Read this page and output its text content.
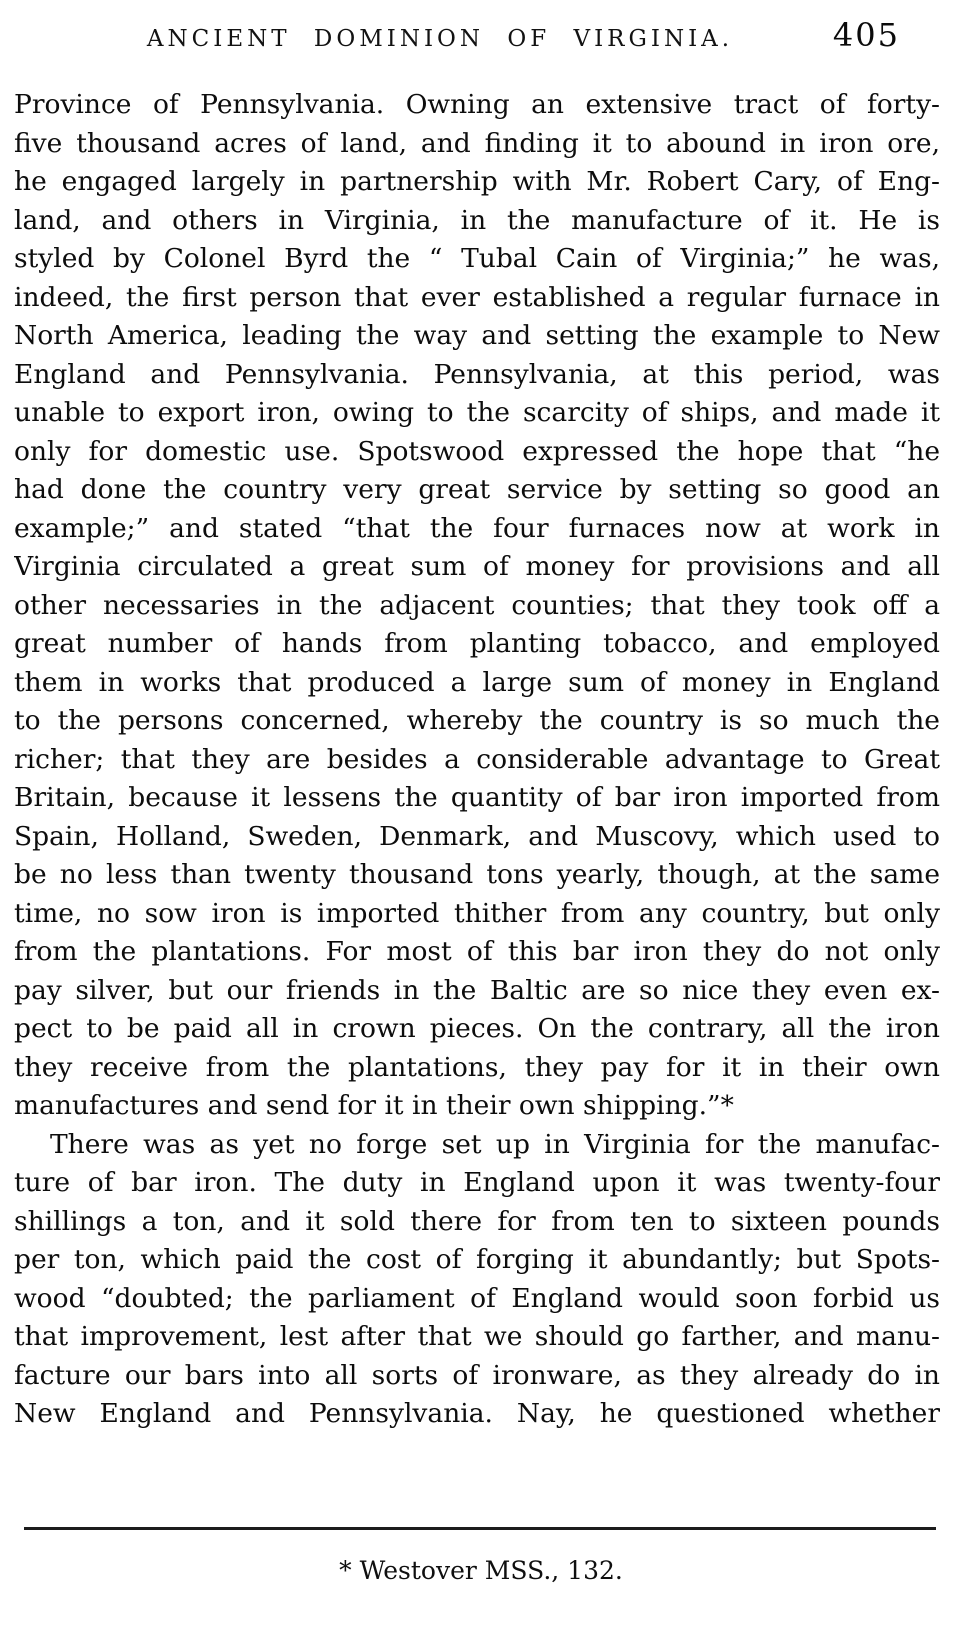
ANCIENT DOMINION OF VIRGINIA.	405
Province of Pennsylvania. Owning an extensive tract of forty-
five thousand acres of land, and finding it to abound in iron ore,
he engaged largely in partnership with Mr. Robert Cary, of Eng-
land, and others in Virginia, in the manufacture of it. He is
styled by Colonel Byrd the “ Tubal Cain of Virginia;” he was,
indeed, the first person that ever established a regular furnace in
North America, leading the way and setting the example to New
England and Pennsylvania. Pennsylvania, at this period, was
unable to export iron, owing to the scarcity of ships, and made it
only for domestic use. Spotswood expressed the hope that “he
had done the country very great service by setting so good an
example;” and stated “that the four furnaces now at work in
Virginia circulated a great sum of money for provisions and all
other necessaries in the adjacent counties; that they took off a
great number of hands from planting tobacco, and employed
them in works that produced a large sum of money in England
to the persons concerned, whereby the country is so much the
richer; that they are besides a considerable advantage to Great
Britain, because it lessens the quantity of bar iron imported from
Spain, Holland, Sweden, Denmark, and Muscovy, which used to
be no less than twenty thousand tons yearly, though, at the same
time, no sow iron is imported thither from any country, but only
from the plantations. For most of this bar iron they do not only
pay silver, but our friends in the Baltic are so nice they even ex-
pect to be paid all in crown pieces. On the contrary, all the iron
they receive from the plantations, they pay for it in their own
manufactures and send for it in their own shipping.”*
There was as yet no forge set up in Virginia for the manufac-
ture of bar iron. The duty in England upon it was twenty-four
shillings a ton, and it sold there for from ten to sixteen pounds
per ton, which paid the cost of forging it abundantly; but Spots-
wood “doubted; the parliament of England would soon forbid us
that improvement, lest after that we should go farther, and manu-
facture our bars into all sorts of ironware, as they already do in
New England and Pennsylvania. Nay, he questioned whether
* Westover MSS., 132.
